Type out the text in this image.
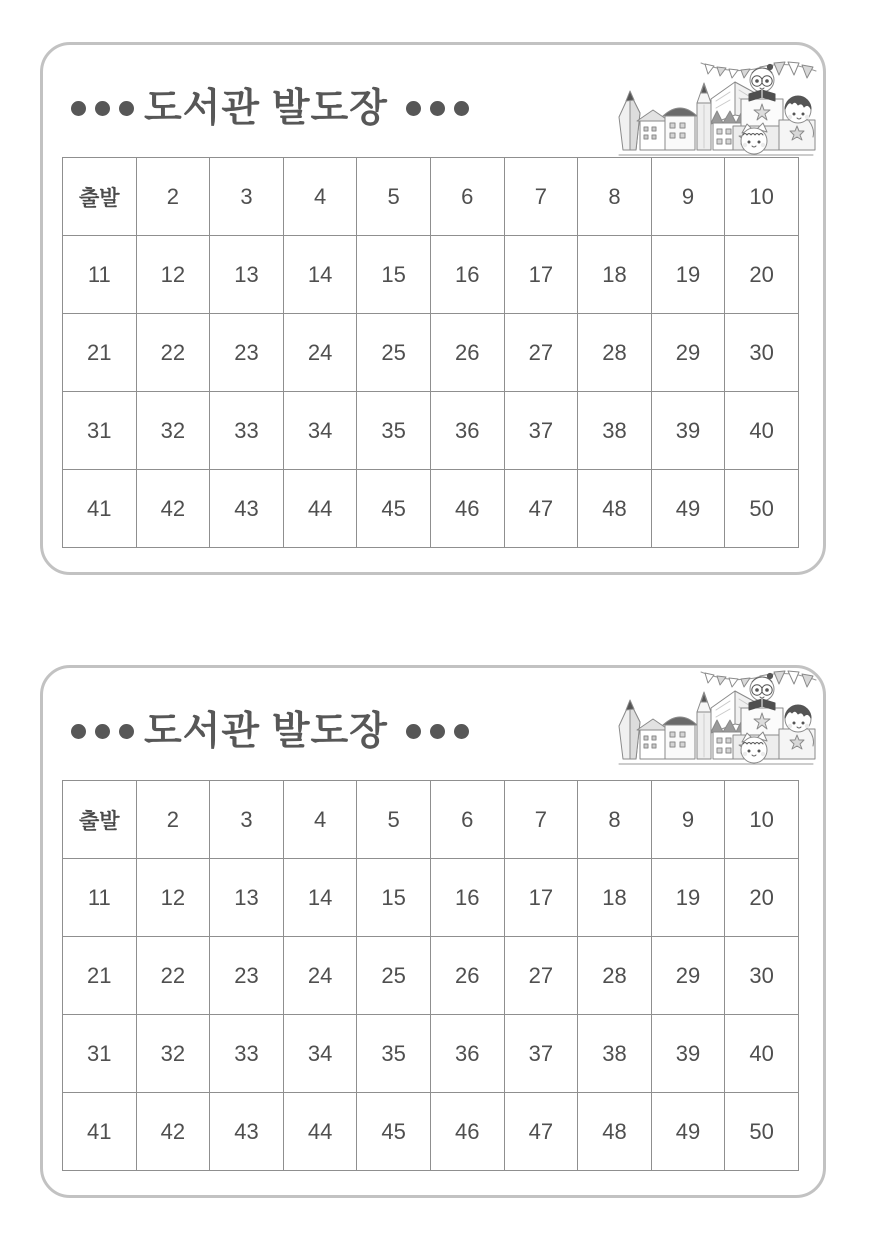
도서관 발도장
출발	2	3	4	5	6	7	8	9	10
11	12	13	14	15	16	17	18	19	20
21	22	23	24	25	26	27	28	29	30
31	32	33	34	35	36	37	38	39	40
41	42	43	44	45	46	47	48	49	50
도서관 발도장
출발	2	3	4	5	6	7	8	9	10
11	12	13	14	15	16	17	18	19	20
21	22	23	24	25	26	27	28	29	30
31	32	33	34	35	36	37	38	39	40
41	42	43	44	45	46	47	48	49	50
